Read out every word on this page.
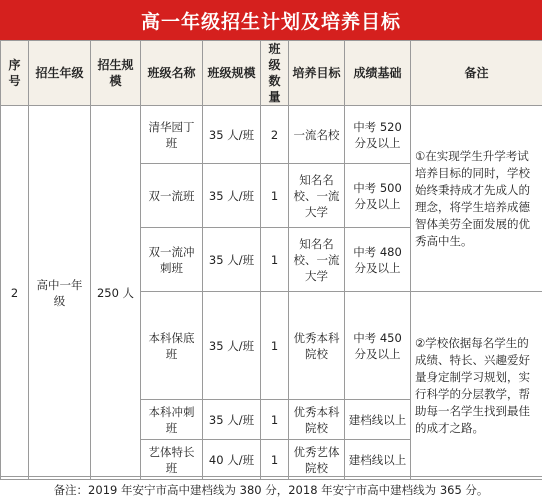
高一年级招生计划及培养目标
序号	招生年级	招生规模	班级名称	班级规模	班级数量	培养目标	成绩基础	备注
2	高中一年级	250 人	清华园丁班	35 人/班	2	一流名校	中考 520 分及以上	①在实现学生升学考试培养目标的同时，学校始终秉持成才先成人的理念，将学生培养成德智体美劳全面发展的优秀高中生。
			双一流班	35 人/班	1	知名名校、一流大学	中考 500 分及以上	
			双一流冲刺班	35 人/班	1	知名名校、一流大学	中考 480 分及以上	
			本科保底班	35 人/班	1	优秀本科院校	中考 450 分及以上	②学校依据每名学生的成绩、特长、兴趣爱好量身定制学习规划，实行科学的分层教学，帮助每一名学生找到最佳的成才之路。
			本科冲刺班	35 人/班	1	优秀本科院校	建档线以上	
			艺体特长班	40 人/班	1	优秀艺体院校	建档线以上	
备注：2019 年安宁市高中建档线为 380 分，2018 年安宁市高中建档线为 365 分。
